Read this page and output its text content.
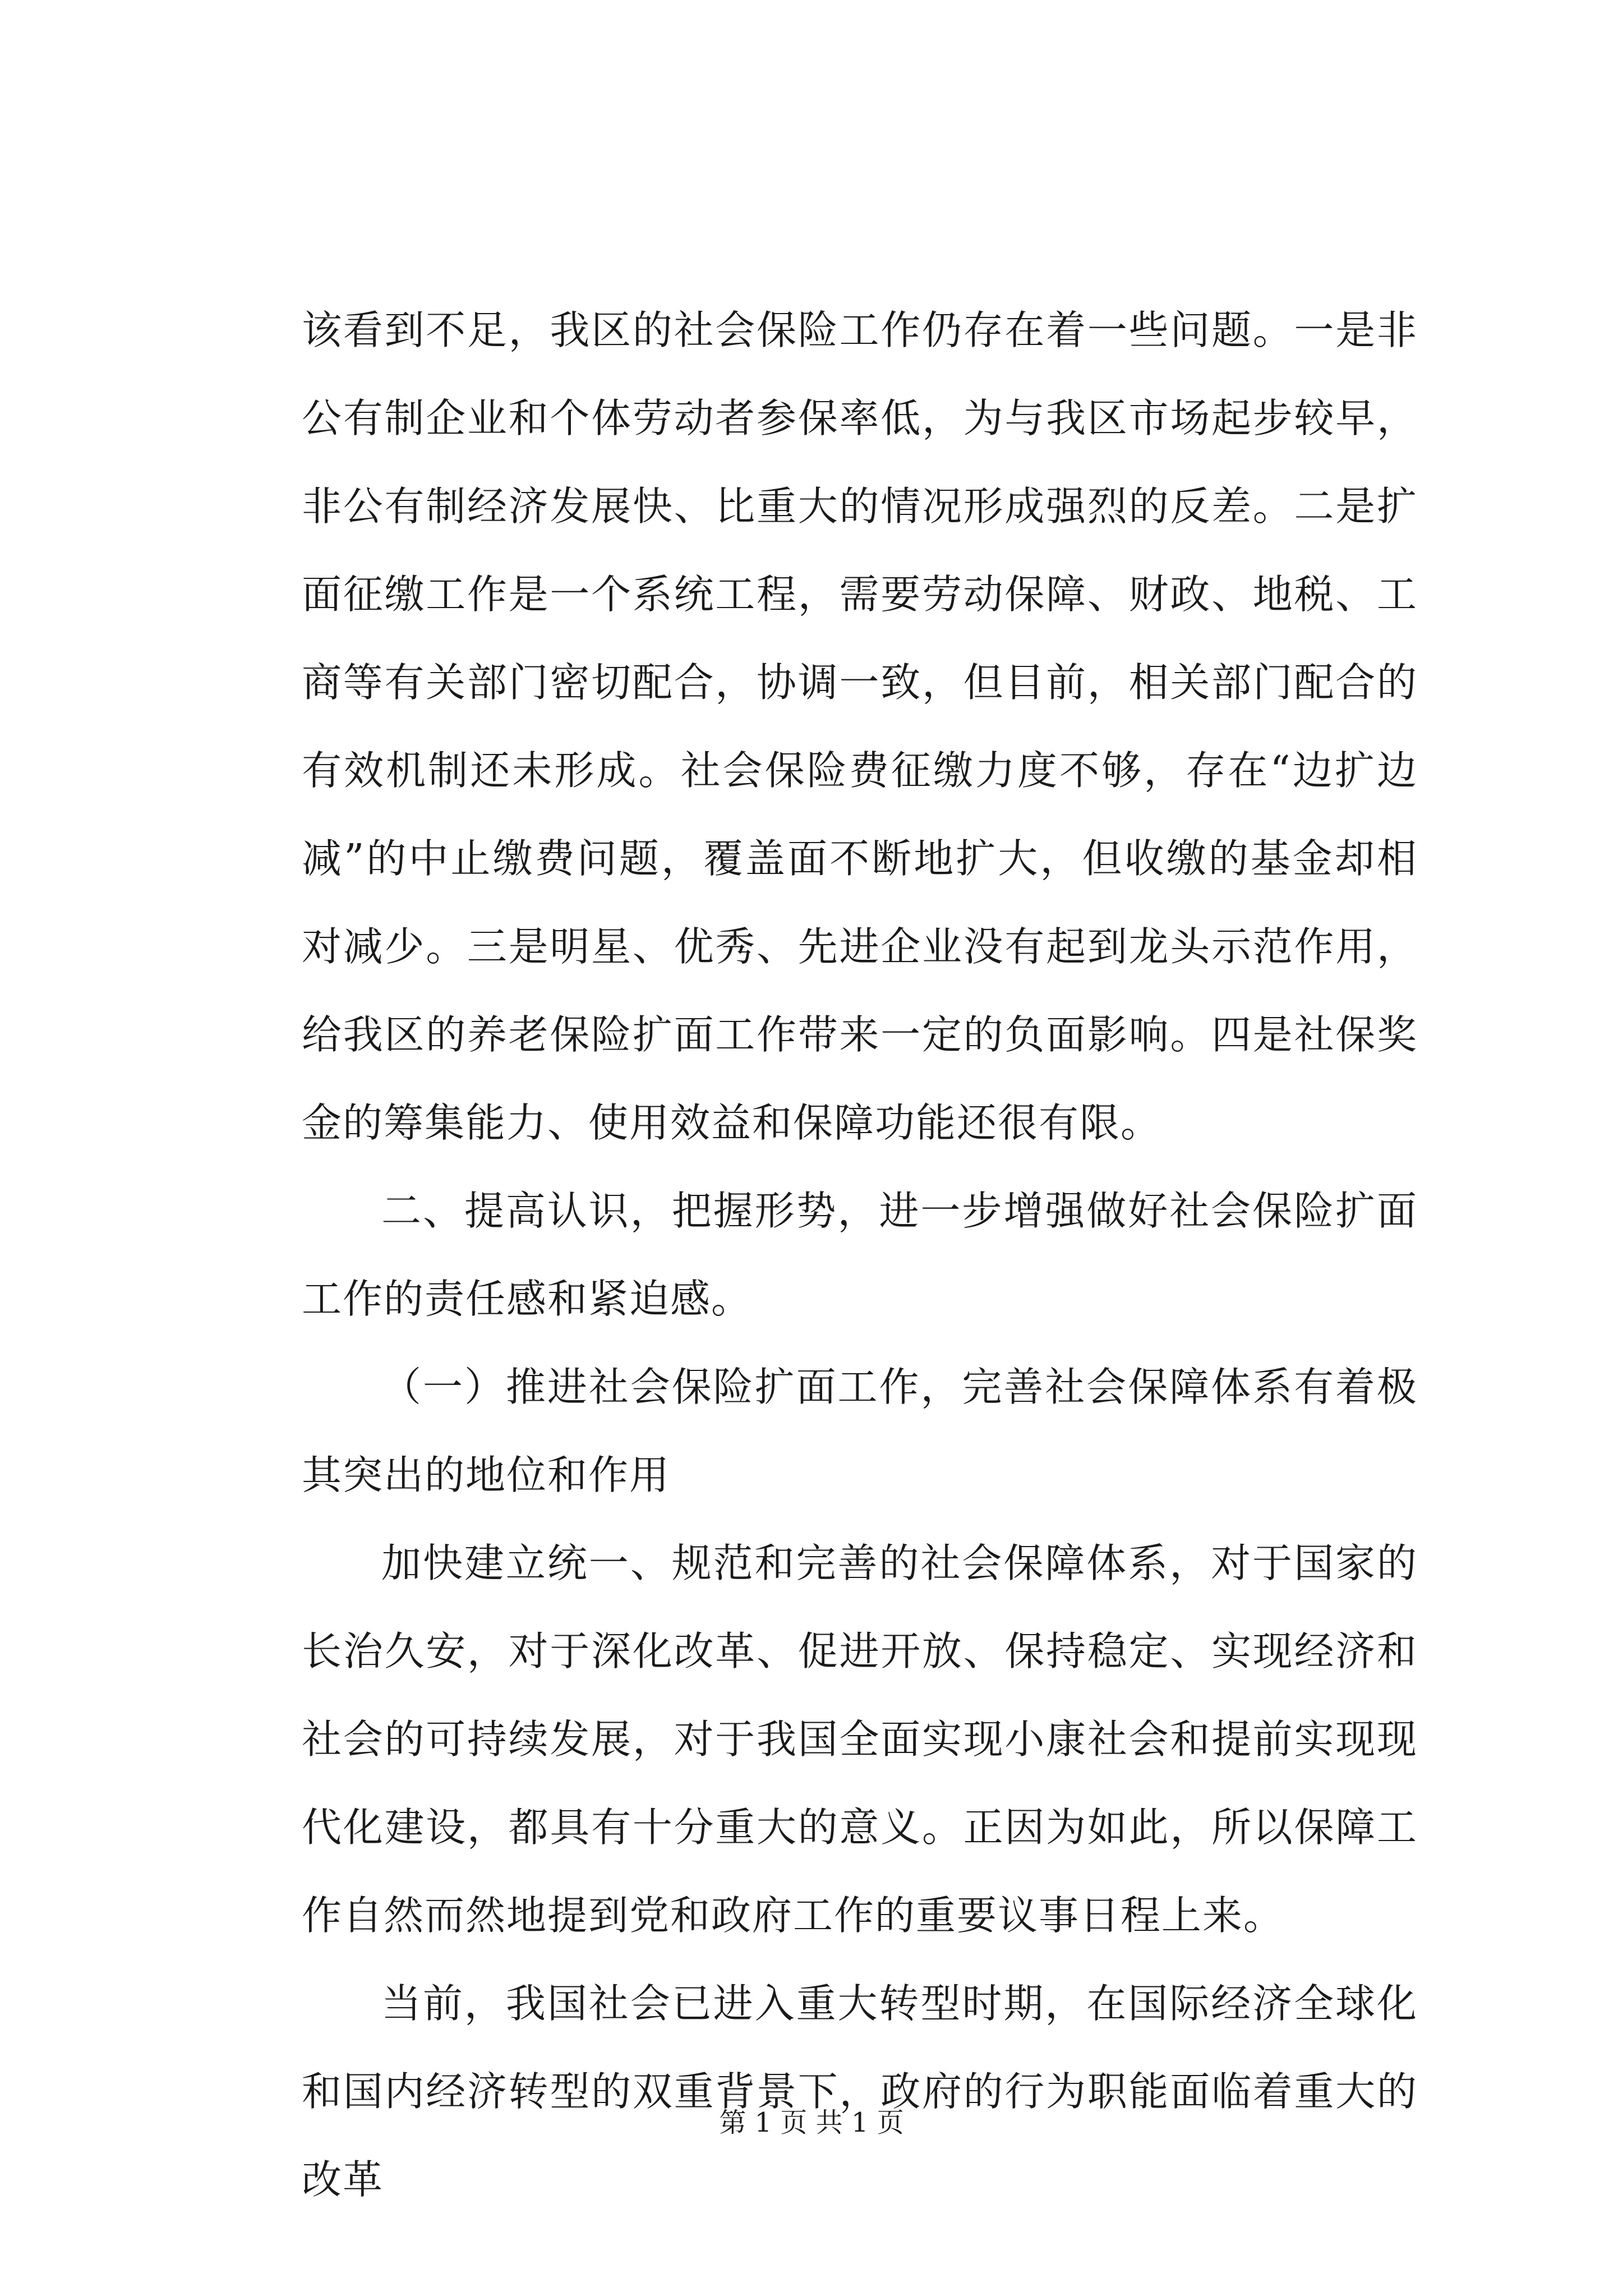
该看到不足，我区的社会保险工作仍存在着一些问题。一是非公有制企业和个体劳动者参保率低，为与我区市场起步较早，非公有制经济发展快、比重大的情况形成强烈的反差。二是扩面征缴工作是一个系统工程，需要劳动保障、财政、地税、工商等有关部门密切配合，协调一致，但目前，相关部门配合的有效机制还未形成。社会保险费征缴力度不够，存在“边扩边减”的中止缴费问题，覆盖面不断地扩大，但收缴的基金却相对减少。三是明星、优秀、先进企业没有起到龙头示范作用，给我区的养老保险扩面工作带来一定的负面影响。四是社保奖金的筹集能力、使用效益和保障功能还很有限。

二、提高认识，把握形势，进一步增强做好社会保险扩面工作的责任感和紧迫感。

（一）推进社会保险扩面工作，完善社会保障体系有着极其突出的地位和作用

加快建立统一、规范和完善的社会保障体系，对于国家的长治久安，对于深化改革、促进开放、保持稳定、实现经济和社会的可持续发展，对于我国全面实现小康社会和提前实现现代化建设，都具有十分重大的意义。正因为如此，所以保障工作自然而然地提到党和政府工作的重要议事日程上来。

当前，我国社会已进入重大转型时期，在国际经济全球化和国内经济转型的双重背景下，政府的行为职能面临着重大的改革

第 1 页 共 1 页
